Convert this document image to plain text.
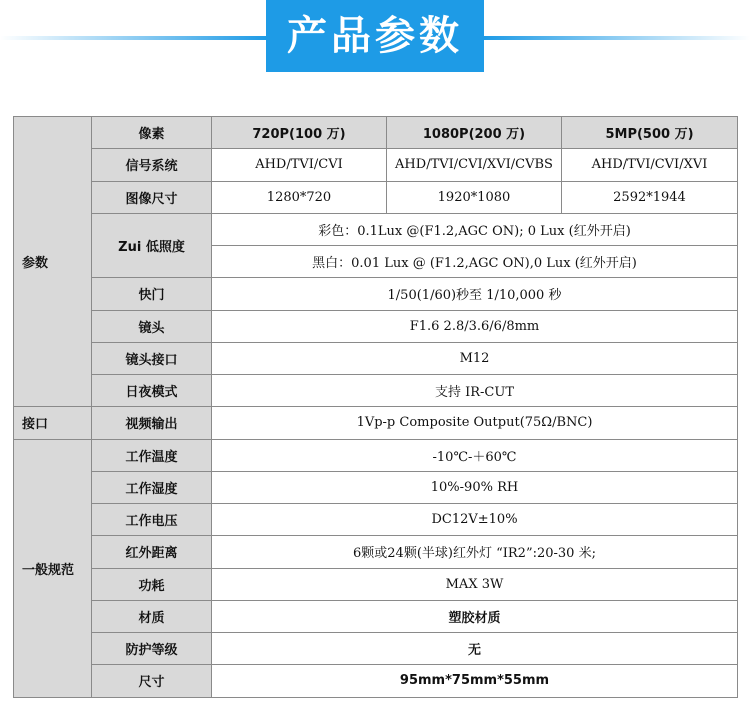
产品参数
参数	像素	720P(100 万)	1080P(200 万)	5MP(500 万)
	信号系统	AHD/TVI/CVI	AHD/TVI/CVI/XVI/CVBS	AHD/TVI/CVI/XVI
	图像尺寸	1280*720	1920*1080	2592*1944
	Zui 低照度	彩色：0.1Lux @(F1.2,AGC ON); 0 Lux (红外开启)		
		黑白：0.01 Lux @ (F1.2,AGC ON),0 Lux (红外开启)		
	快门	1/50(1/60)秒至 1/10,000 秒		
	镜头	F1.6 2.8/3.6/6/8mm		
	镜头接口	M12		
	日夜模式	支持 IR-CUT		
接口	视频输出	1Vp-p Composite Output(75Ω/BNC)		
一般规范	工作温度	-10℃-＋60℃		
	工作湿度	10%-90% RH		
	工作电压	DC12V±10%		
	红外距离	6颗或24颗(半球)红外灯 “IR2”:20-30 米;		
	功耗	MAX 3W		
	材质	塑胶材质		
	防护等级	无		
	尺寸	95mm*75mm*55mm		
